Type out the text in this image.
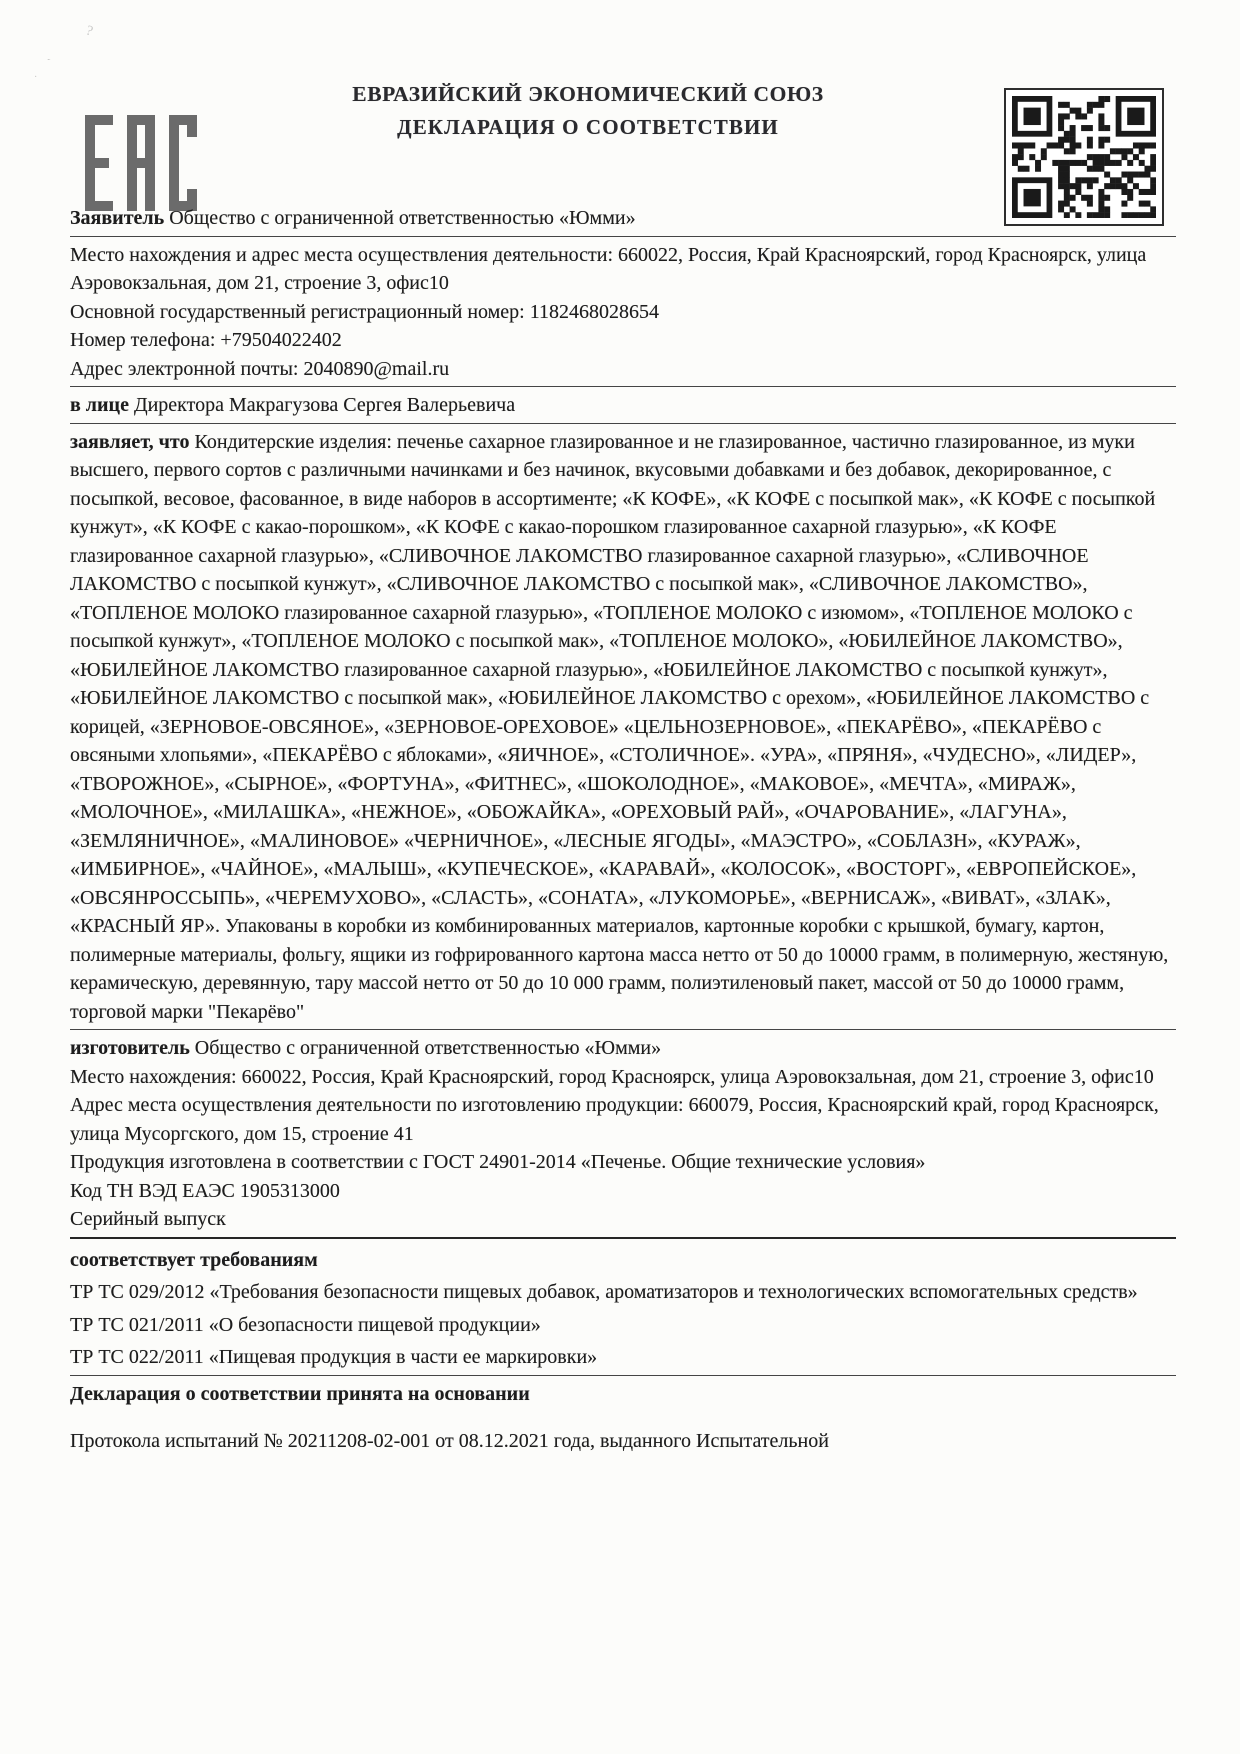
?
ˏ
·

ЕВРАЗИЙСКИЙ ЭКОНОМИЧЕСКИЙ СОЮЗ

ДЕКЛАРАЦИЯ О СООТВЕТСТВИИ

Заявитель Общество с ограниченной ответственностью «Юмми»

Место нахождения и адрес места осуществления деятельности: 660022, Россия, Край Красноярский, город Красноярск, улица Аэровокзальная, дом 21, строение 3, офис10

Основной государственный регистрационный номер: 1182468028654

Номер телефона: +79504022402

Адрес электронной почты: 2040890@mail.ru

в лице Директора Макрагузова Сергея Валерьевича

заявляет, что Кондитерские изделия: печенье сахарное глазированное и не глазированное, частично глазированное, из муки высшего, первого сортов с различными начинками и без начинок, вкусовыми добавками и без добавок, декорированное, с посыпкой, весовое, фасованное, в виде наборов в ассортименте; «К КОФЕ», «К КОФЕ с посыпкой мак», «К КОФЕ с посыпкой кунжут», «К КОФЕ с какао-порошком», «К КОФЕ с какао-порошком глазированное сахарной глазурью», «К КОФЕ глазированное сахарной глазурью», «СЛИВОЧНОЕ ЛАКОМСТВО глазированное сахарной глазурью», «СЛИВОЧНОЕ ЛАКОМСТВО с посыпкой кунжут», «СЛИВОЧНОЕ ЛАКОМСТВО с посыпкой мак», «СЛИВОЧНОЕ ЛАКОМСТВО», «ТОПЛЕНОЕ МОЛОКО глазированное сахарной глазурью», «ТОПЛЕНОЕ МОЛОКО с изюмом», «ТОПЛЕНОЕ МОЛОКО с посыпкой кунжут», «ТОПЛЕНОЕ МОЛОКО с посыпкой мак», «ТОПЛЕНОЕ МОЛОКО», «ЮБИЛЕЙНОЕ ЛАКОМСТВО», «ЮБИЛЕЙНОЕ ЛАКОМСТВО глазированное сахарной глазурью», «ЮБИЛЕЙНОЕ ЛАКОМСТВО с посыпкой кунжут», «ЮБИЛЕЙНОЕ ЛАКОМСТВО с посыпкой мак», «ЮБИЛЕЙНОЕ ЛАКОМСТВО с орехом», «ЮБИЛЕЙНОЕ ЛАКОМСТВО с корицей, «ЗЕРНОВОЕ-ОВСЯНОЕ», «ЗЕРНОВОЕ-ОРЕХОВОЕ» «ЦЕЛЬНОЗЕРНОВОЕ», «ПЕКАРЁВО», «ПЕКАРЁВО с овсяными хлопьями», «ПЕКАРЁВО с яблоками», «ЯИЧНОЕ», «СТОЛИЧНОЕ». «УРА», «ПРЯНЯ», «ЧУДЕСНО», «ЛИДЕР», «ТВОРОЖНОЕ», «СЫРНОЕ», «ФОРТУНА», «ФИТНЕС», «ШОКОЛОДНОЕ», «МАКОВОЕ», «МЕЧТА», «МИРАЖ», «МОЛОЧНОЕ», «МИЛАШКА», «НЕЖНОЕ», «ОБОЖАЙКА», «ОРЕХОВЫЙ РАЙ», «ОЧАРОВАНИЕ», «ЛАГУНА», «ЗЕМЛЯНИЧНОЕ», «МАЛИНОВОЕ» «ЧЕРНИЧНОЕ», «ЛЕСНЫЕ ЯГОДЫ», «МАЭСТРО», «СОБЛАЗН», «КУРАЖ», «ИМБИРНОЕ», «ЧАЙНОЕ», «МАЛЫШ», «КУПЕЧЕСКОЕ», «КАРАВАЙ», «КОЛОСОК», «ВОСТОРГ», «ЕВРОПЕЙСКОЕ», «ОВСЯНРОССЫПЬ», «ЧЕРЕМУХОВО», «СЛАСТЬ», «СОНАТА», «ЛУКОМОРЬЕ», «ВЕРНИСАЖ», «ВИВАТ», «ЗЛАК», «КРАСНЫЙ ЯР». Упакованы в коробки из комбинированных материалов, картонные коробки с крышкой, бумагу, картон, полимерные материалы, фольгу, ящики из гофрированного картона масса нетто от 50 до 10000 грамм, в полимерную, жестяную, керамическую, деревянную, тару массой нетто от 50 до 10 000 грамм, полиэтиленовый пакет, массой от 50 до 10000 грамм, торговой марки "Пекарёво"

изготовитель Общество с ограниченной ответственностью «Юмми»

Место нахождения: 660022, Россия, Край Красноярский, город Красноярск, улица Аэровокзальная, дом 21, строение 3, офис10

Адрес места осуществления деятельности по изготовлению продукции: 660079, Россия, Красноярский край, город Красноярск, улица Мусоргского, дом 15, строение 41

Продукция изготовлена в соответствии с ГОСТ 24901-2014 «Печенье. Общие технические условия»

Код ТН ВЭД ЕАЭС 1905313000

Серийный выпуск

соответствует требованиям

ТР ТС 029/2012 «Требования безопасности пищевых добавок, ароматизаторов и технологических вспомогательных средств»

ТР ТС 021/2011 «О безопасности пищевой продукции»

ТР ТС 022/2011 «Пищевая продукция в части ее маркировки»

Декларация о соответствии принята на основании

Протокола испытаний № 20211208-02-001 от 08.12.2021 года, выданного Испытательной
